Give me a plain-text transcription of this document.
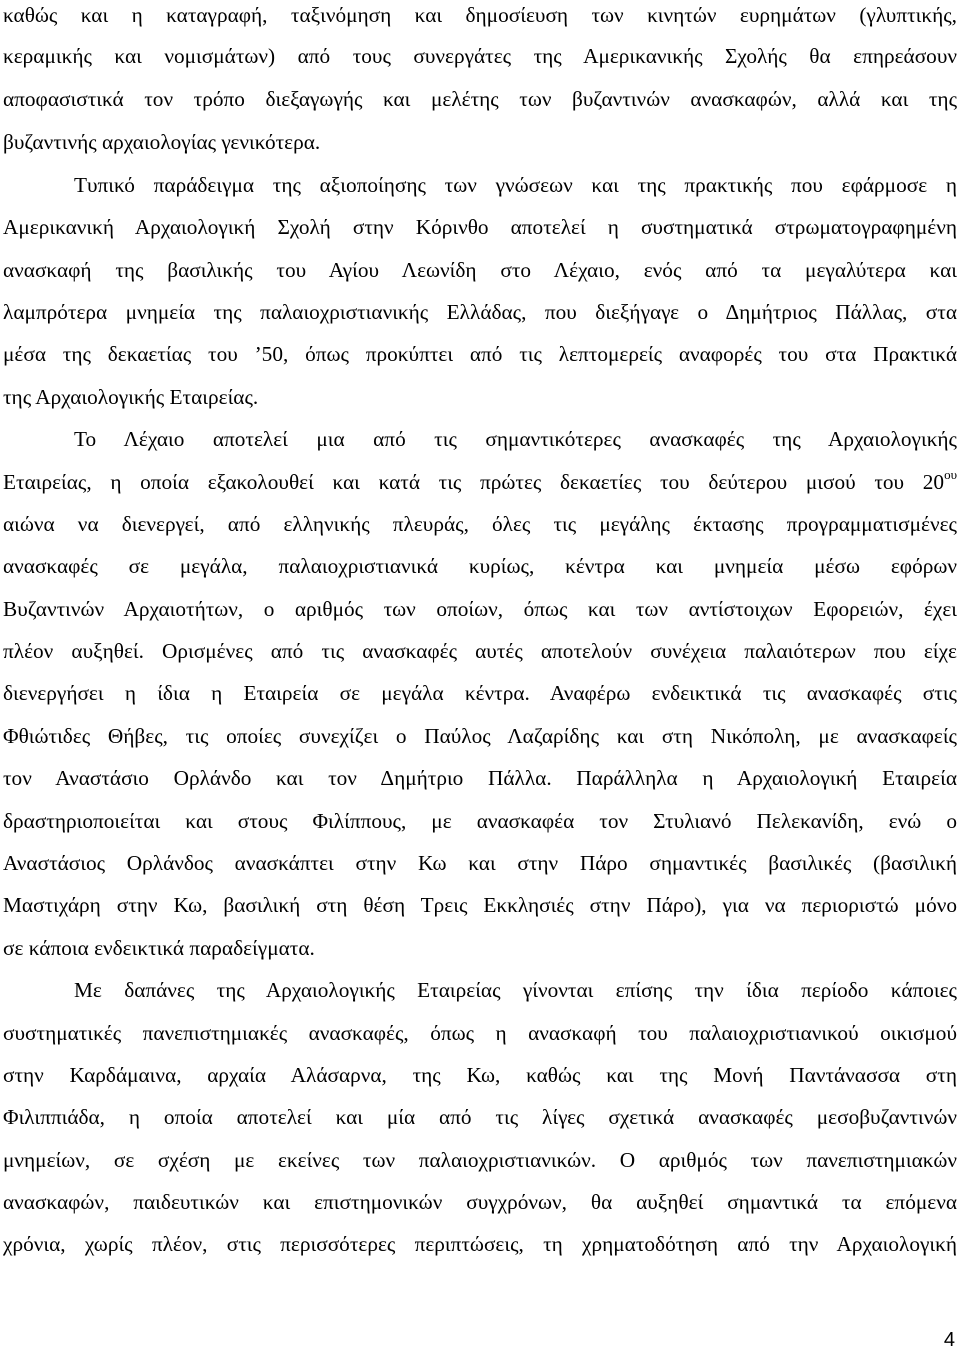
καθώς και η καταγραφή, ταξινόμηση και δημοσίευση των κινητών ευρημάτων (γλυπτικής,
κεραμικής και νομισμάτων) από τους συνεργάτες της Αμερικανικής Σχολής θα επηρεάσουν
αποφασιστικά τον τρόπο διεξαγωγής και μελέτης των βυζαντινών ανασκαφών, αλλά και της
βυζαντινής αρχαιολογίας γενικότερα.
Τυπικό παράδειγμα της αξιοποίησης των γνώσεων και της πρακτικής που εφάρμοσε η
Αμερικανική Αρχαιολογική Σχολή στην Κόρινθο αποτελεί η συστηματικά στρωματογραφημένη
ανασκαφή της βασιλικής του Αγίου Λεωνίδη στο Λέχαιο, ενός από τα μεγαλύτερα και
λαμπρότερα μνημεία της παλαιοχριστιανικής Ελλάδας, που διεξήγαγε ο Δημήτριος Πάλλας, στα
μέσα της δεκαετίας του ’50, όπως προκύπτει από τις λεπτομερείς αναφορές του στα Πρακτικά
της Αρχαιολογικής Εταιρείας.
Το Λέχαιο αποτελεί μια από τις σημαντικότερες ανασκαφές της Αρχαιολογικής
Εταιρείας, η οποία εξακολουθεί και κατά τις πρώτες δεκαετίες του δεύτερου μισού του $20^{o\upsilon}$
αιώνα να διενεργεί, από ελληνικής πλευράς, όλες τις μεγάλης έκτασης προγραμματισμένες
ανασκαφές σε μεγάλα, παλαιοχριστιανικά κυρίως, κέντρα και μνημεία μέσω εφόρων
Βυζαντινών Αρχαιοτήτων, ο αριθμός των οποίων, όπως και των αντίστοιχων Εφορειών, έχει
πλέον αυξηθεί. Ορισμένες από τις ανασκαφές αυτές αποτελούν συνέχεια παλαιότερων που είχε
διενεργήσει η ίδια η Εταιρεία σε μεγάλα κέντρα. Αναφέρω ενδεικτικά τις ανασκαφές στις
Φθιώτιδες Θήβες, τις οποίες συνεχίζει ο Παύλος Λαζαρίδης και στη Νικόπολη, με ανασκαφείς
τον Αναστάσιο Ορλάνδο και τον Δημήτριο Πάλλα. Παράλληλα η Αρχαιολογική Εταιρεία
δραστηριοποιείται και στους Φιλίππους, με ανασκαφέα τον Στυλιανό Πελεκανίδη, ενώ ο
Αναστάσιος Ορλάνδος ανασκάπτει στην Κω και στην Πάρο σημαντικές βασιλικές (βασιλική
Μαστιχάρη στην Κω, βασιλική στη θέση Τρεις Εκκλησιές στην Πάρο), για να περιοριστώ μόνο
σε κάποια ενδεικτικά παραδείγματα.
Με δαπάνες της Αρχαιολογικής Εταιρείας γίνονται επίσης την ίδια περίοδο κάποιες
συστηματικές πανεπιστημιακές ανασκαφές, όπως η ανασκαφή του παλαιοχριστιανικού οικισμού
στην Καρδάμαινα, αρχαία Αλάσαρνα, της Κω, καθώς και της Μονή Παντάνασσα στη
Φιλιππιάδα, η οποία αποτελεί και μία από τις λίγες σχετικά ανασκαφές μεσοβυζαντινών
μνημείων, σε σχέση με εκείνες των παλαιοχριστιανικών. Ο αριθμός των πανεπιστημιακών
ανασκαφών, παιδευτικών και επιστημονικών συγχρόνων, θα αυξηθεί σημαντικά τα επόμενα
χρόνια, χωρίς πλέον, στις περισσότερες περιπτώσεις, τη χρηματοδότηση από την Αρχαιολογική
4
